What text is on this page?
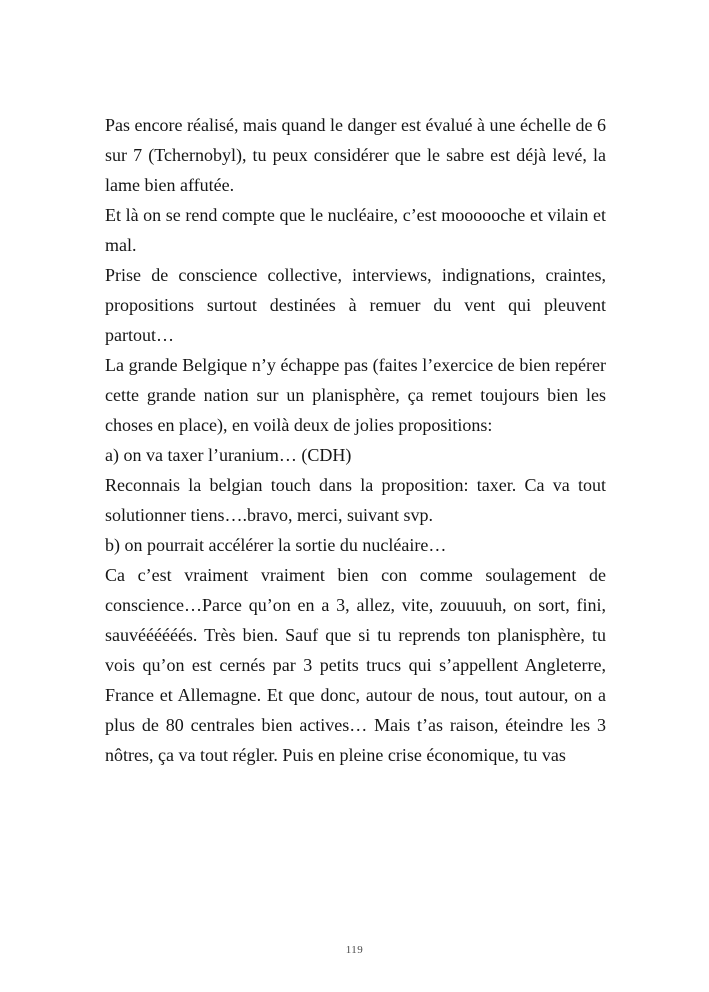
Pas encore réalisé, mais quand le danger est évalué à une échelle de 6 sur 7 (Tchernobyl), tu peux considérer que le sabre est déjà levé, la lame bien affutée.

Et là on se rend compte que le nucléaire, c’est moooooche et vilain et mal.

Prise de conscience collective, interviews, indignations, craintes, propositions surtout destinées à remuer du vent qui pleuvent partout…

La grande Belgique n’y échappe pas (faites l’exercice de bien repérer cette grande nation sur un planisphère, ça remet toujours bien les choses en place), en voilà deux de jolies propositions:

a) on va taxer l’uranium… (CDH)

Reconnais la belgian touch dans la proposition: taxer. Ca va tout solutionner tiens….bravo, merci, suivant svp.

b) on pourrait accélérer la sortie du nucléaire…

Ca c’est vraiment vraiment bien con comme soulagement de conscience…Parce qu’on en a 3, allez, vite, zouuuuh, on sort, fini, sauvéééééés. Très bien. Sauf que si tu reprends ton planisphère, tu vois qu’on est cernés par 3 petits trucs qui s’appellent Angleterre, France et Allemagne. Et que donc, autour de nous, tout autour, on a plus de 80 centrales bien actives… Mais t’as raison, éteindre les 3 nôtres, ça va tout régler. Puis en pleine crise économique, tu vas

119
